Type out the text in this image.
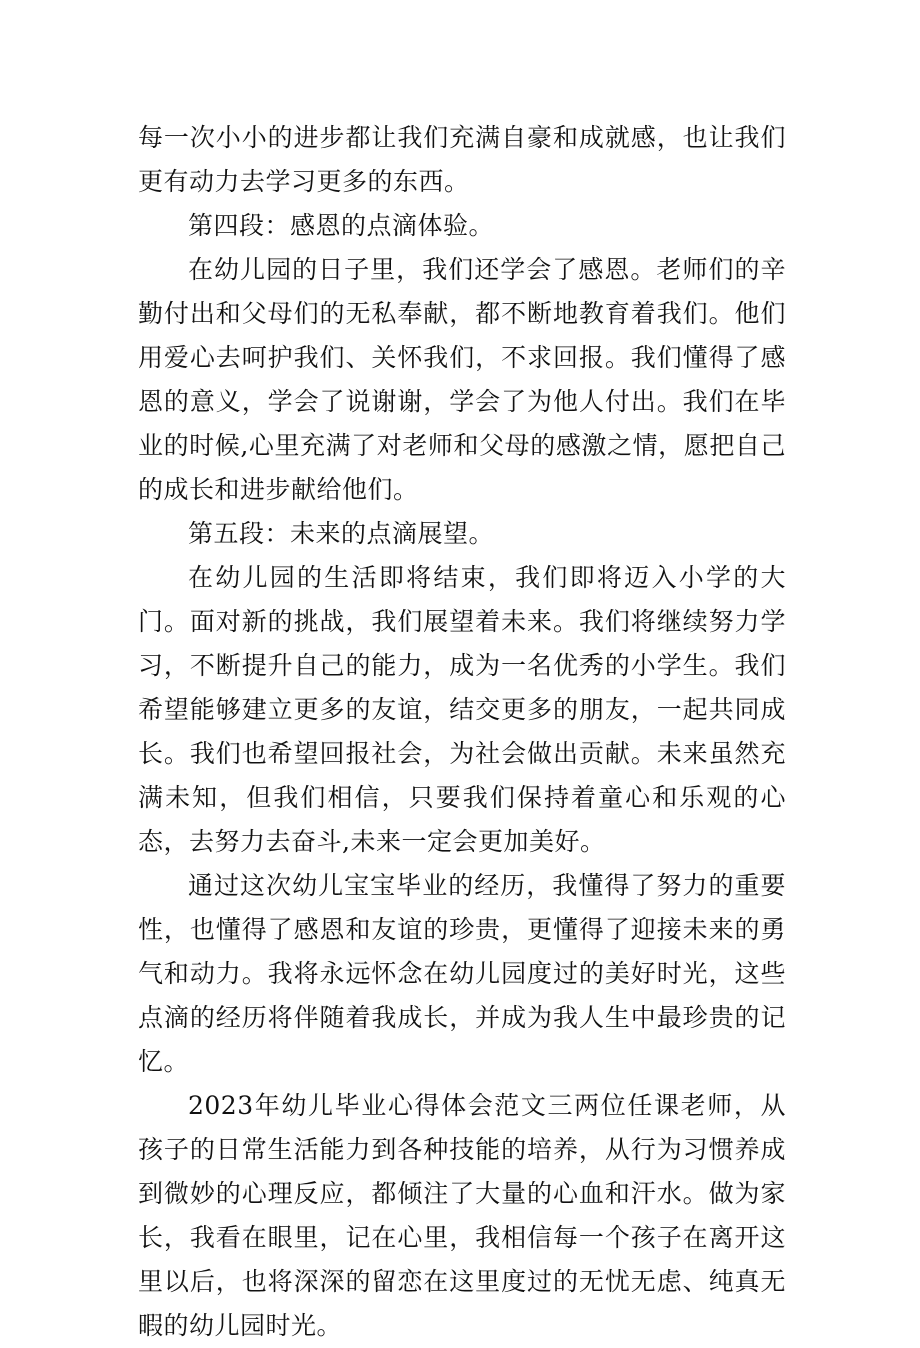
每一次小小的进步都让我们充满自豪和成就感，也让我们更有动力去学习更多的东西。

第四段：感恩的点滴体验。

在幼儿园的日子里，我们还学会了感恩。老师们的辛勤付出和父母们的无私奉献，都不断地教育着我们。他们用爱心去呵护我们、关怀我们，不求回报。我们懂得了感恩的意义，学会了说谢谢，学会了为他人付出。我们在毕业的时候,心里充满了对老师和父母的感激之情，愿把自己的成长和进步献给他们。

第五段：未来的点滴展望。

在幼儿园的生活即将结束，我们即将迈入小学的大门。面对新的挑战，我们展望着未来。我们将继续努力学习，不断提升自己的能力，成为一名优秀的小学生。我们希望能够建立更多的友谊，结交更多的朋友，一起共同成长。我们也希望回报社会，为社会做出贡献。未来虽然充满未知，但我们相信，只要我们保持着童心和乐观的心态，去努力去奋斗,未来一定会更加美好。

通过这次幼儿宝宝毕业的经历，我懂得了努力的重要性，也懂得了感恩和友谊的珍贵，更懂得了迎接未来的勇气和动力。我将永远怀念在幼儿园度过的美好时光，这些点滴的经历将伴随着我成长，并成为我人生中最珍贵的记忆。

2023年幼儿毕业心得体会范文三两位任课老师，从孩子的日常生活能力到各种技能的培养，从行为习惯养成到微妙的心理反应，都倾注了大量的心血和汗水。做为家长，我看在眼里，记在心里，我相信每一个孩子在离开这里以后，也将深深的留恋在这里度过的无忧无虑、纯真无暇的幼儿园时光。
